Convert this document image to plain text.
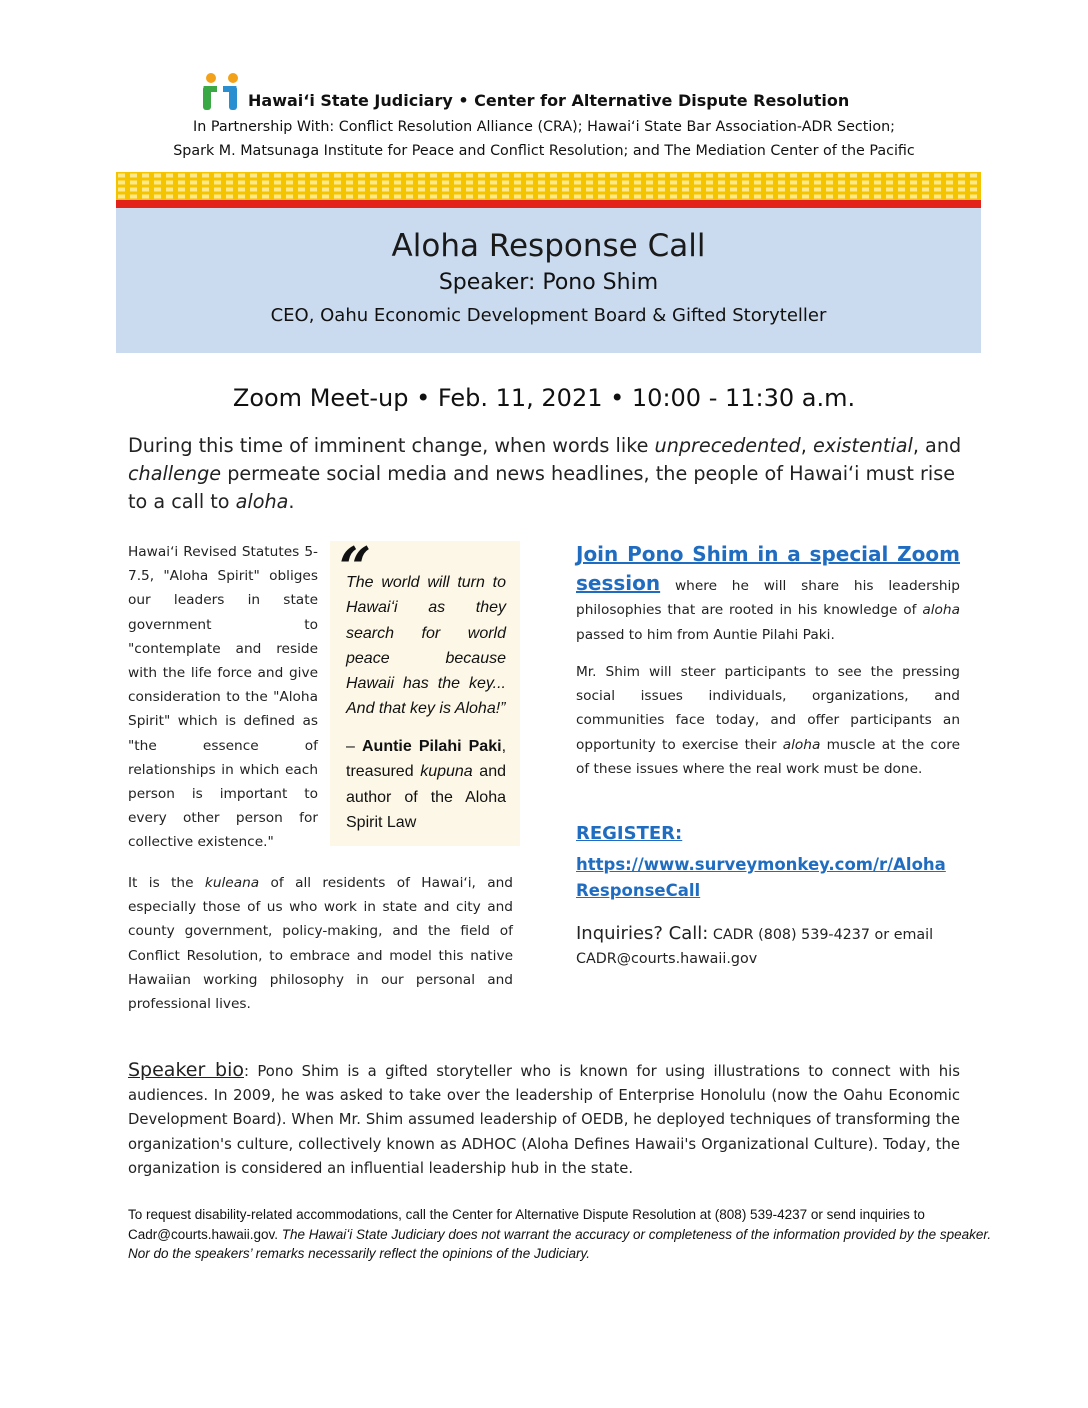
Hawaiʻi State Judiciary • Center for Alternative Dispute Resolution
In Partnership With: Conflict Resolution Alliance (CRA); Hawaiʻi State Bar Association-ADR Section;
Spark M. Matsunaga Institute for Peace and Conflict Resolution; and The Mediation Center of the Pacific
Aloha Response Call
Speaker: Pono Shim
CEO, Oahu Economic Development Board & Gifted Storyteller
Zoom Meet-up • Feb. 11, 2021 • 10:00 - 11:30 a.m.
During this time of imminent change, when words like unprecedented, existential, and challenge permeate social media and news headlines, the people of Hawaiʻi must rise to a call to aloha.
Hawaiʻi Revised Statutes 5-7.5, "Aloha Spirit" obliges our leaders in state government to "contemplate and reside with the life force and give consideration to the "Aloha Spirit" which is defined as "the essence of relationships in which each person is important to every other person for collective existence."
“
The world will turn to Hawaiʻi as they search for world peace because Hawaii has the key... And that key is Aloha!”
– Auntie Pilahi Paki, treasured kupuna and author of the Aloha Spirit Law
It is the kuleana of all residents of Hawaiʻi, and especially those of us who work in state and city and county government, policy-making, and the field of Conflict Resolution, to embrace and model this native Hawaiian working philosophy in our personal and professional lives.
Join Pono Shim in a special Zoom session where he will share his leadership philosophies that are rooted in his knowledge of aloha passed to him from Auntie Pilahi Paki.
Mr. Shim will steer participants to see the pressing social issues individuals, organizations, and communities face today, and offer participants an opportunity to exercise their aloha muscle at the core of these issues where the real work must be done.
REGISTER:
https://www.surveymonkey.com/r/Aloha
ResponseCall
Inquiries? Call: CADR (808) 539-4237 or email CADR@courts.hawaii.gov
Speaker bio: Pono Shim is a gifted storyteller who is known for using illustrations to connect with his audiences. In 2009, he was asked to take over the leadership of Enterprise Honolulu (now the Oahu Economic Development Board). When Mr. Shim assumed leadership of OEDB, he deployed techniques of transforming the organization's culture, collectively known as ADHOC (Aloha Defines Hawaii's Organizational Culture). Today, the organization is considered an influential leadership hub in the state.
To request disability-related accommodations, call the Center for Alternative Dispute Resolution at (808) 539-4237 or send inquiries to Cadr@courts.hawaii.gov. The Hawaiʻi State Judiciary does not warrant the accuracy or completeness of the information provided by the speaker. Nor do the speakers’ remarks necessarily reflect the opinions of the Judiciary.
